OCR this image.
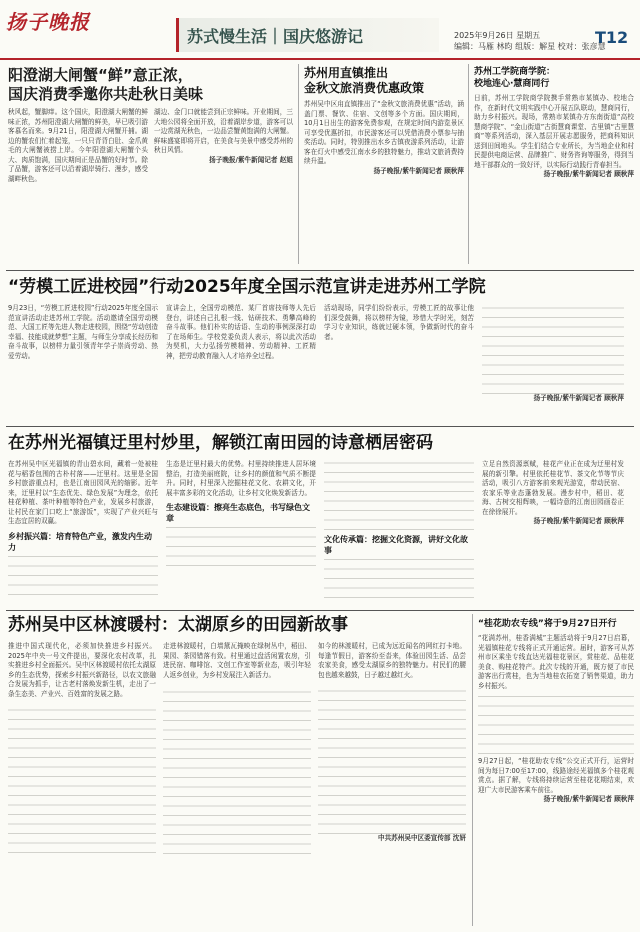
扬子晚报
苏式慢生活｜国庆悠游记	2025年9月26日 星期五
编辑：马雁 林昀 组版：解星 校对：张彦慧
T12
阳澄湖大闸蟹“鲜”意正浓，
国庆消费季邀你共赴秋日美味

秋风起，蟹脚痒。这个国庆，阳澄湖大闸蟹的鲜味正浓，苏州阳澄湖大闸蟹的鲜美，早已吸引游客慕名而来。9月21日，阳澄湖大闸蟹开捕。湖边的蟹农们忙着起笼，一只只青背白肚、金爪黄毛的大闸蟹被捞上岸。今年阳澄湖大闸蟹个头大、肉质饱满，国庆期间正是品蟹的好时节。除了品蟹，游客还可以沿着湖岸骑行、漫步，感受湖畔秋色。

湖边、金门口就能尝到正宗鲜味。开业期间，三大地公园将全面开放，沿着湖岸步道，游客可以一边赏湖光秋色，一边品尝蟹黄饱满的大闸蟹。鲜味盛宴即将开启，在美食与美景中感受苏州的秋日风情。

扬子晚报/紫牛新闻记者 赵姐

苏州用直镇推出
金秋文旅消费优惠政策

苏州吴中区甪直镇推出了“金秋文旅消费优惠”活动，涵盖门票、餐饮、住宿、文创等多个方面。国庆期间，10月1日出生的游客免费参观，在规定时间内游览景区可享受优惠折扣，市民游客还可以凭借消费小票参与抽奖活动。同时，特别推出水乡古镇夜游系列活动，让游客在灯火中感受江南水乡的独特魅力，推动文旅消费持续升温。

扬子晚报/紫牛新闻记者 顾秋萍

苏州工学院商学院：
校地连心·慧商同行

日前，苏州工学院商学院携手常熟市某镇办、校地合作，在新时代文明实践中心开展五队联动，慧商同行，助力乡村振兴。现场，常熟市某镇办方东南街道“高校慧商学院”、“金山街道”古街慧商课堂、古里镇“古里慧商”等系列活动，深入基层开展志愿服务，把商科知识送到田间地头。学生们结合专业所长，为当地企业和村民提供电商运营、品牌推广、财务咨询等服务，得到当地干部群众的一致好评，以实际行动践行青春担当。

扬子晚报/紫牛新闻记者 顾秋萍

“劳模工匠进校园”行动2025年度全国示范宣讲走进苏州工学院

9月23日，“劳模工匠进校园”行动2025年度全国示范宣讲活动走进苏州工学院。活动邀请全国劳动模范、大国工匠等先进人物走进校园，围绕“劳动创造幸福、技能成就梦想”主题，与师生分享成长经历和奋斗故事，以榜样力量引领青年学子崇尚劳动、热爱劳动。

宣讲会上，全国劳动模范、某厂首席技师等人先后登台，讲述自己扎根一线、钻研技术、勇攀高峰的奋斗故事。他们朴实的话语、生动的事例深深打动了在场师生。学校党委负责人表示，将以此次活动为契机，大力弘扬劳模精神、劳动精神、工匠精神，把劳动教育融入人才培养全过程。

活动现场，同学们纷纷表示，劳模工匠的故事让他们深受鼓舞，将以榜样为镜，珍惜大学时光，刻苦学习专业知识，练就过硬本领，争做新时代的奋斗者。

扬子晚报/紫牛新闻记者 顾秋萍

在苏州光福镇迂里村炒里，解锁江南田园的诗意栖居密码

在苏州吴中区光福镇的青山碧水间，藏着一处被桂花与稻香包围的古朴村落——迂里村。这里是全国乡村旅游重点村，也是江南田园风光的缩影。近年来，迂里村以“生态优先、绿色发展”为理念，依托桂花种植、茶叶种植等特色产业，发展乡村旅游，让村民在家门口吃上“旅游饭”，实现了产业兴旺与生态宜居的双赢。

乡村振兴篇：培育特色产业，激发内生动力

生态是迂里村最大的优势。村里持续推进人居环境整治，打造美丽庭院，让乡村的颜值和气质不断提升。同时，村里深入挖掘桂花文化、农耕文化，开展丰富多彩的文化活动，让乡村文化焕发新活力。

生态建设篇：擦亮生态底色，书写绿色文章
文化传承篇：挖掘文化资源，讲好文化故事

立足自然资源禀赋，桂花产业正在成为迂里村发展的新引擎。村里依托桂花节、茶文化节等节庆活动，吸引八方游客前来观光游览，带动民宿、农家乐等业态蓬勃发展。漫步村中，稻田、花海、古树交相辉映，一幅诗意的江南田园画卷正在徐徐展开。

扬子晚报/紫牛新闻记者 顾秋萍

苏州吴中区林渡暖村：太湖原乡的田园新故事

推进中国式现代化，必须加快推进乡村振兴。2025年中央一号文件提出，要深化农村改革，扎实推进乡村全面振兴。吴中区林渡暖村依托太湖原乡的生态优势，探索乡村振兴新路径，以农文旅融合发展为抓手，让古老村落焕发新生机，走出了一条生态美、产业兴、百姓富的发展之路。

走进林渡暖村，白墙黛瓦掩映在绿树丛中，稻田、果园、茶园错落有致。村里通过盘活闲置农房，引进民宿、咖啡馆、文创工作室等新业态，吸引年轻人返乡创业，为乡村发展注入新活力。

如今的林渡暖村，已成为远近闻名的网红打卡地。每逢节假日，游客纷至沓来，体验田园生活、品尝农家美食，感受太湖原乡的独特魅力。村民们的腰包也越来越鼓，日子越过越红火。

中共苏州吴中区委宣传部 沈妍

“桂花助农专线”将于9月27日开行

“花满苏州，桂香满城”主题活动将于9月27日启幕，光福镇桂花专线将正式开通运营。届时，游客可从苏州市区乘坐专线直达光福桂花景区，赏桂花、品桂花美食、购桂花特产。此次专线的开通，既方便了市民游客出行赏桂，也为当地桂农拓宽了销售渠道，助力乡村振兴。

9月27日起，“桂花助农专线”公交正式开行，运营时间为每日7:00至17:00，线路途经光福镇多个桂花观赏点。据了解，专线将持续运营至桂花花期结束，欢迎广大市民游客乘车前往。

扬子晚报/紫牛新闻记者 顾秋萍
